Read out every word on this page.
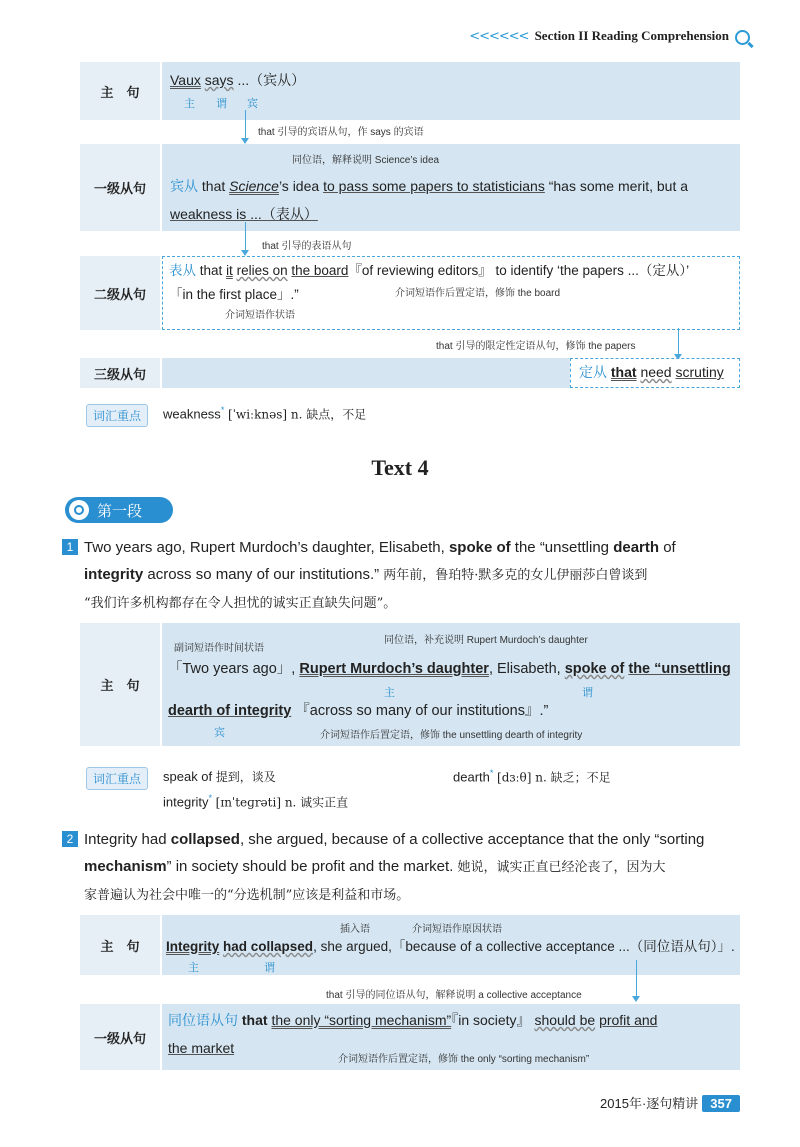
<<<<<< Section II Reading Comprehension
主　句
Vaux says ...（宾从）
主 谓 宾
that 引导的宾语从句，作 says 的宾语
一级从句
同位语，解释说明 Science’s idea
宾从 that Science’s idea to pass some papers to statisticians “has some merit, but a
weakness is ...（表从）
that 引导的表语从句
二级从句
表从 that it relies on the board『of reviewing editors』 to identify ‘the papers ...（定从）’
「in the first place」.”	介词短语作后置定语，修饰 the board
介词短语作状语
that 引导的限定性定语从句，修饰 the papers
三级从句	定从 that need scrutiny
词汇重点	weakness* [ˈwiːknəs] n. 缺点，不足
Text 4
第一段
1 Two years ago, Rupert Murdoch’s daughter, Elisabeth, spoke of the “unsettling dearth of
integrity across so many of our institutions.” 两年前，鲁珀特·默多克的女儿伊丽莎白曾谈到
“我们许多机构都存在令人担忧的诚实正直缺失问题”。
主　句
副词短语作时间状语
同位语，补充说明 Rupert Murdoch’s daughter
「Two years ago」, Rupert Murdoch’s daughter, Elisabeth, spoke of the “unsettling
主	谓
dearth of integrity 『across so many of our institutions』.”
宾	介词短语作后置定语，修饰 the unsettling dearth of integrity
词汇重点	speak of 提到，谈及	dearth* [dɜːθ] n. 缺乏；不足
integrity* [ɪnˈteɡrəti] n. 诚实正直
2 Integrity had collapsed, she argued, because of a collective acceptance that the only “sorting
mechanism” in society should be profit and the market. 她说，诚实正直已经沦丧了，因为大
家普遍认为社会中唯一的“分选机制”应该是利益和市场。
主　句
插入语	介词短语作原因状语
Integrity had collapsed, she argued,「because of a collective acceptance ...（同位语从句）」.
主	谓
that 引导的同位语从句，解释说明 a collective acceptance
一级从句
同位语从句 that the only “sorting mechanism”『in society』 should be profit and
the market
介词短语作后置定语，修饰 the only “sorting mechanism”
2015年·逐句精讲 357
